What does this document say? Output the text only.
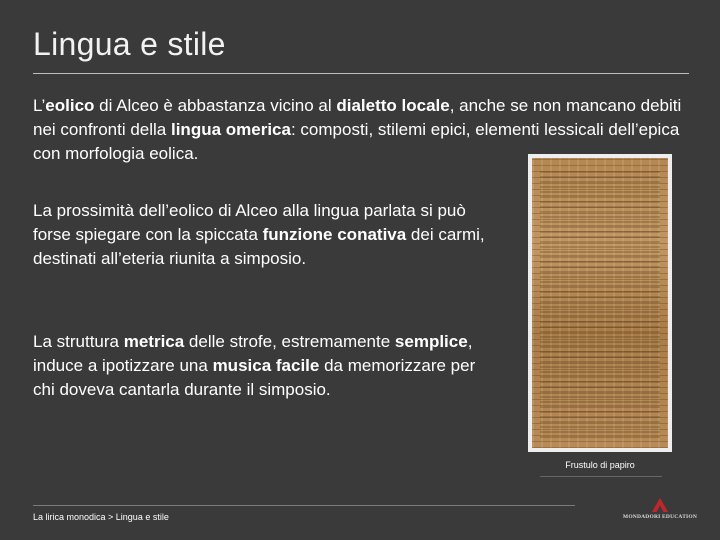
Lingua e stile
L’eolico di Alceo è abbastanza vicino al dialetto locale, anche se non mancano debiti nei confronti della lingua omerica: composti, stilemi epici, elementi lessicali dell’epica con morfologia eolica.
La prossimità dell’eolico di Alceo alla lingua parlata si può forse spiegare con la spiccata funzione conativa dei carmi, destinati all’eteria riunita a simposio.
La struttura metrica delle strofe, estremamente semplice, induce a ipotizzare una musica facile da memorizzare per chi doveva cantarla durante il simposio.
Frustulo di papiro
La lirica monodica > Lingua e stile	MONDADORI EDUCATION
